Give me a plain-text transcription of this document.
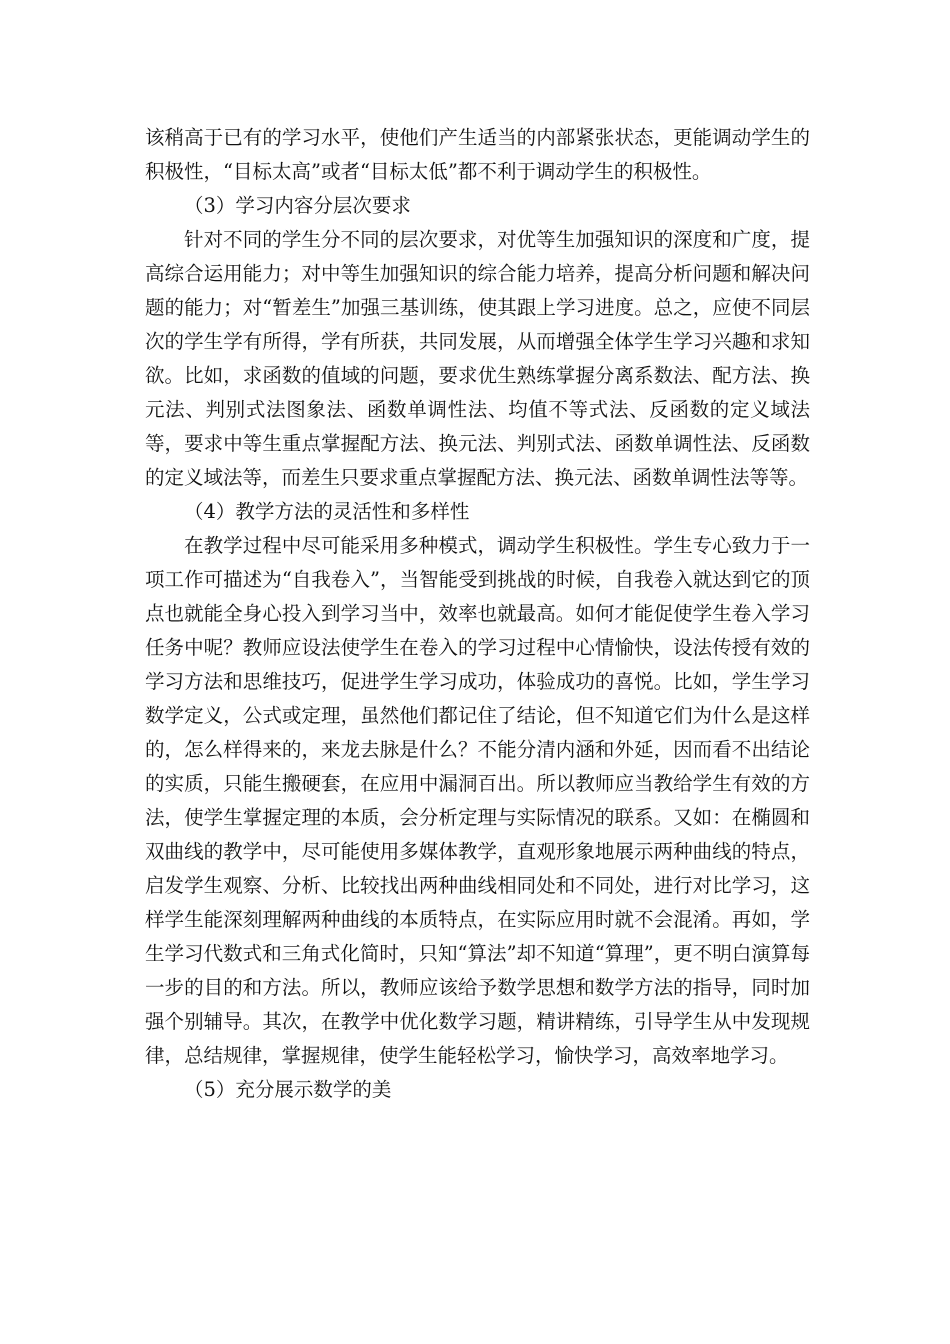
该稍高于已有的学习水平，使他们产生适当的内部紧张状态，更能调动学生的积极性，“目标太高”或者“目标太低”都不利于调动学生的积极性。

（3）学习内容分层次要求

针对不同的学生分不同的层次要求，对优等生加强知识的深度和广度，提高综合运用能力；对中等生加强知识的综合能力培养，提高分析问题和解决问题的能力；对“暂差生”加强三基训练，使其跟上学习进度。总之，应使不同层次的学生学有所得，学有所获，共同发展，从而增强全体学生学习兴趣和求知欲。比如，求函数的值域的问题，要求优生熟练掌握分离系数法、配方法、换元法、判别式法图象法、函数单调性法、均值不等式法、反函数的定义域法等，要求中等生重点掌握配方法、换元法、判别式法、函数单调性法、反函数的定义域法等，而差生只要求重点掌握配方法、换元法、函数单调性法等等。

（4）教学方法的灵活性和多样性

在教学过程中尽可能采用多种模式，调动学生积极性。学生专心致力于一项工作可描述为“自我卷入”，当智能受到挑战的时候，自我卷入就达到它的顶点也就能全身心投入到学习当中，效率也就最高。如何才能促使学生卷入学习任务中呢？教师应设法使学生在卷入的学习过程中心情愉快，设法传授有效的学习方法和思维技巧，促进学生学习成功，体验成功的喜悦。比如，学生学习数学定义，公式或定理，虽然他们都记住了结论，但不知道它们为什么是这样的，怎么样得来的，来龙去脉是什么？不能分清内涵和外延，因而看不出结论的实质，只能生搬硬套，在应用中漏洞百出。所以教师应当教给学生有效的方法，使学生掌握定理的本质，会分析定理与实际情况的联系。又如：在椭圆和双曲线的教学中，尽可能使用多媒体教学，直观形象地展示两种曲线的特点，启发学生观察、分析、比较找出两种曲线相同处和不同处，进行对比学习，这样学生能深刻理解两种曲线的本质特点，在实际应用时就不会混淆。再如，学生学习代数式和三角式化简时，只知“算法”却不知道“算理”，更不明白演算每一步的目的和方法。所以，教师应该给予数学思想和数学方法的指导，同时加强个别辅导。其次，在教学中优化数学习题，精讲精练，引导学生从中发现规律，总结规律，掌握规律，使学生能轻松学习，愉快学习，高效率地学习。

（5）充分展示数学的美
